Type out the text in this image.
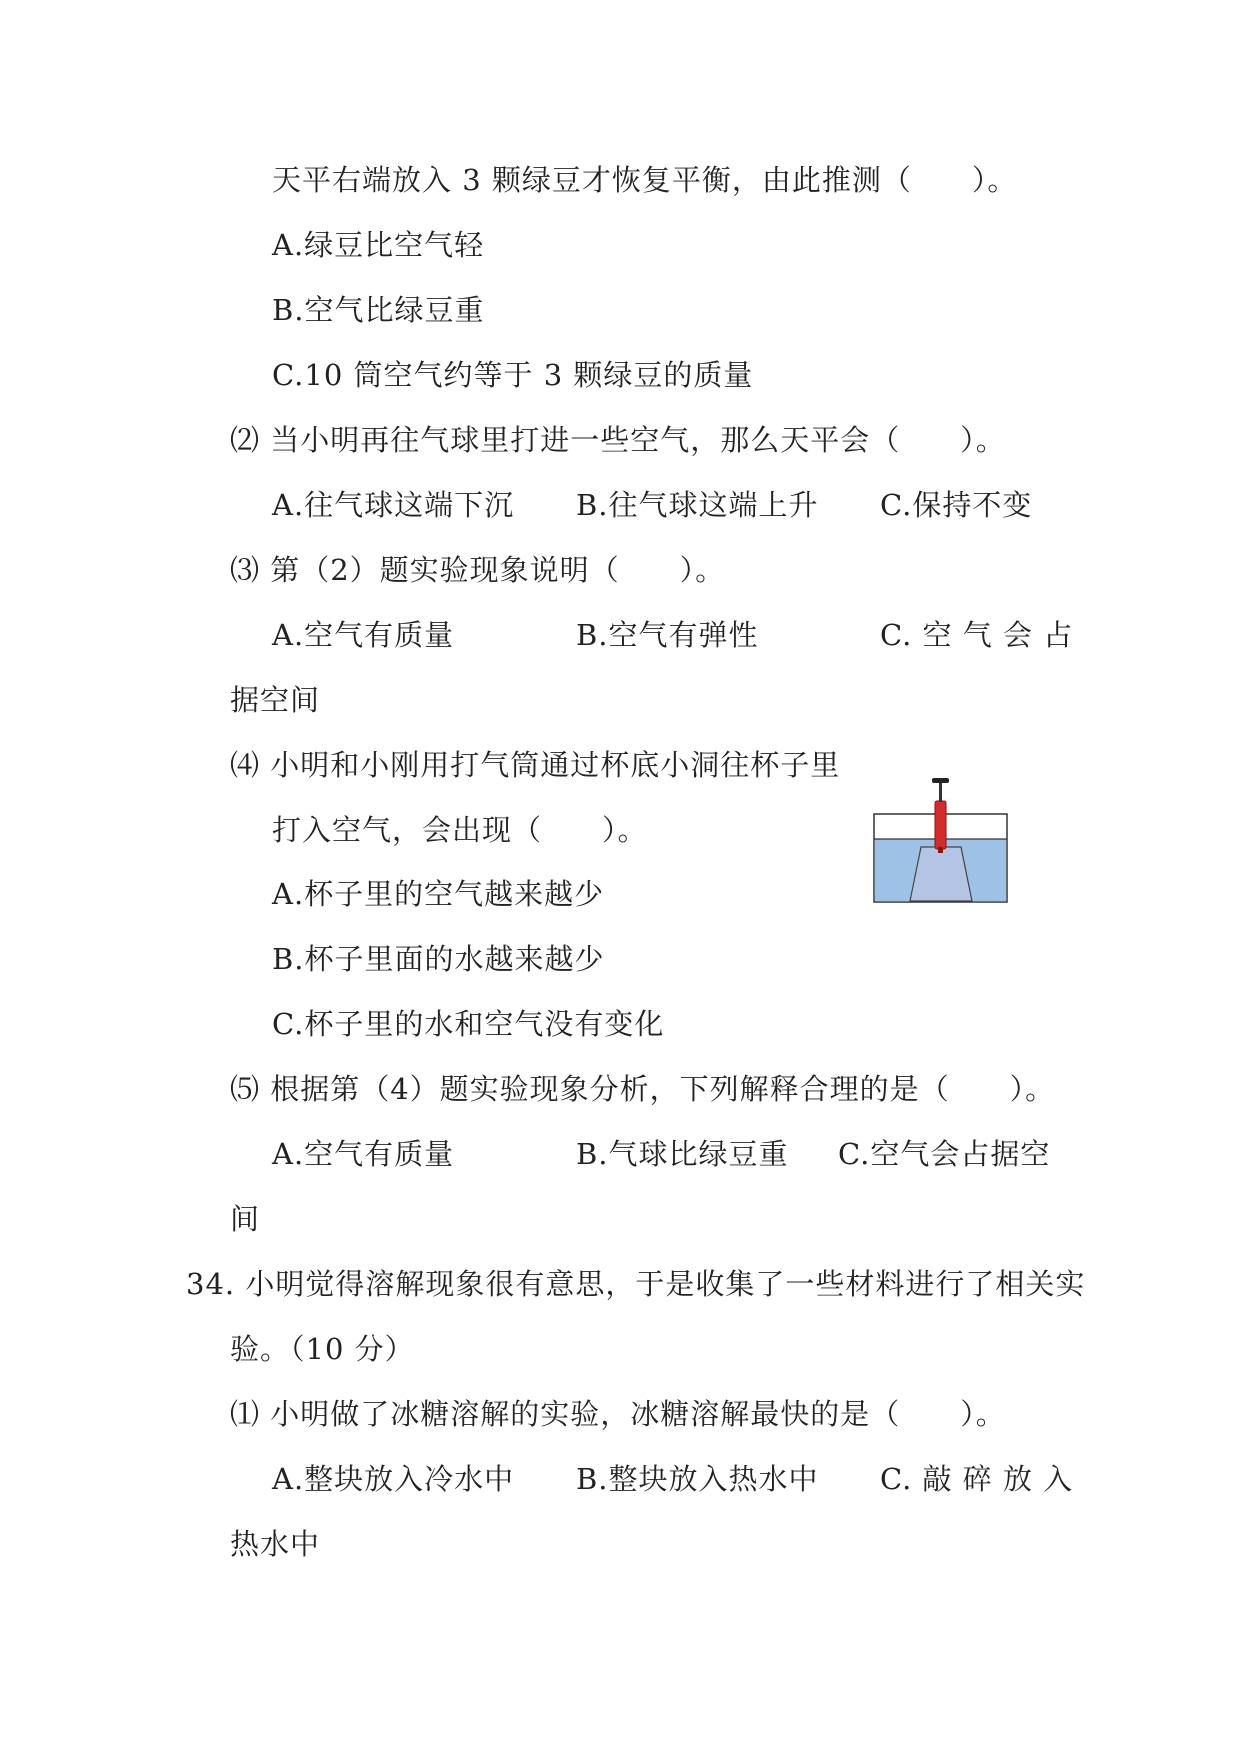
天平右端放入 3 颗绿豆才恢复平衡，由此推测（　　）。
A.绿豆比空气轻
B.空气比绿豆重
C.10 筒空气约等于 3 颗绿豆的质量
⑵ 当小明再往气球里打进一些空气，那么天平会（　　）。
A.往气球这端下沉 B.往气球这端上升 C.保持不变
⑶ 第（2）题实验现象说明（　　）。
A.空气有质量	B.空气有弹性	C. 空 气 会 占
据空间
⑷ 小明和小刚用打气筒通过杯底小洞往杯子里
打入空气，会出现（　　）。
A.杯子里的空气越来越少
B.杯子里面的水越来越少
C.杯子里的水和空气没有变化
⑸ 根据第（4）题实验现象分析，下列解释合理的是（　　）。
A.空气有质量	B.气球比绿豆重 C.空气会占据空
间
34. 小明觉得溶解现象很有意思，于是收集了一些材料进行了相关实
验。（10 分）
⑴ 小明做了冰糖溶解的实验，冰糖溶解最快的是（　　）。
A.整块放入冷水中 B.整块放入热水中 C. 敲 碎 放 入
热水中
